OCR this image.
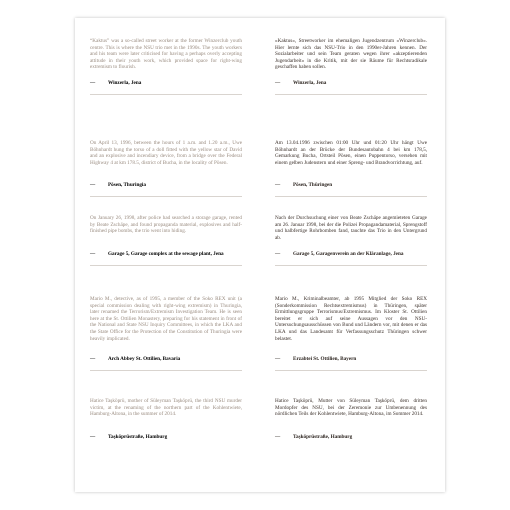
“Kaktus” was a so-called street worker at the former Winzerclub youth centre. This is where the NSU trio met in the 1990s. The youth workers and his team were later criticised for having a perhaps overly accepting attitude in their youth work, which provided space for right-wing extremism to flourish.

— Winzerla, Jena

»Kaktus«, Streetworker im ehemaligen Jugendzentrum »Winzerclub«. Hier lernte sich das NSU-Trio in den 1990er-Jahren kennen. Der Sozialarbeiter und sein Team geraten wegen ihrer »akzeptierenden Jugendarbeit« in die Kritik, mit der sie Räume für Rechtsradikale geschaffen haben sollen.

— Winzerla, Jena

On April 13, 1996, between the hours of 1 a.m. and 1.20 a.m., Uwe Böhnhardt hung the torso of a doll fitted with the yellow star of David and an explosive and incendiary device, from a bridge over the Federal Highway 4 at km 178.5, district of Bucha, in the locality of Pösen.

— Pösen, Thuringia

Am 13.04.1996 zwischen 01:00 Uhr und 01:20 Uhr hängt Uwe Böhnhardt an der Brücke der Bundesautobahn 4 bei km 178,5, Gemarkung Bucha, Ortsteil Pösen, einen Puppentorso, versehen mit einem gelben Judenstern und einer Spreng- und Brandvorrichtung, auf.

— Pösen, Thüringen

On January 26, 1998, after police had searched a storage garage, rented by Beate Zschäpe, and found propaganda material, explosives and half-finished pipe bombs, the trio went into hiding.

— Garage 5, Garage complex at the sewage plant, Jena

Nach der Durchsuchung einer von Beate Zschäpe angemieteten Garage am 26. Januar 1998, bei der die Polizei Propagandamaterial, Sprengstoff und halbfertige Rohrbomben fand, tauchte das Trio in den Untergrund ab.

— Garage 5, Garagenverein an der Kläranlage, Jena

Mario M., detective, as of 1995, a member of the Soko REX unit (a special commission dealing with right-wing extremism) in Thuringia, later renamed the Terrorism/Extremism Investigation Team. He is seen here at the St. Ottilien Monastery, preparing for his statement in front of the National and State NSU Inquiry Committees, in which the LKA and the State Office for the Protection of the Constitution of Thuringia were heavily implicated.

— Arch Abbey St. Ottilien, Bavaria

Mario M., Kriminalbeamter, ab 1995 Mitglied der Soko REX (Sonderkommission Rechtsextremismus) in Thüringen, später Ermittlungsgruppe Terrorismus/Extremismus. Im Kloster St. Ottilien bereitet er sich auf seine Aussagen vor den NSU-Untersuchungsausschüssen von Bund und Ländern vor, mit denen er das LKA und das Landesamt für Verfassungsschutz Thüringen schwer belastet.

— Erzabtei St. Ottilien, Bayern

Hatice Taşköprü, mother of Süleyman Taşköprü, the third NSU murder victim, at the renaming of the northern part of the Kohlentwiete, Hamburg-Altona, in the summer of 2014.

— Taşköprüstraße, Hamburg

Hatice Taşköprü, Mutter von Süleyman Taşköprü, dem dritten Mordopfer des NSU, bei der Zeremonie zur Umbenennung des nördlichen Teils der Kohlentwiete, Hamburg-Altona, im Sommer 2014.

— Taşköprüstraße, Hamburg
